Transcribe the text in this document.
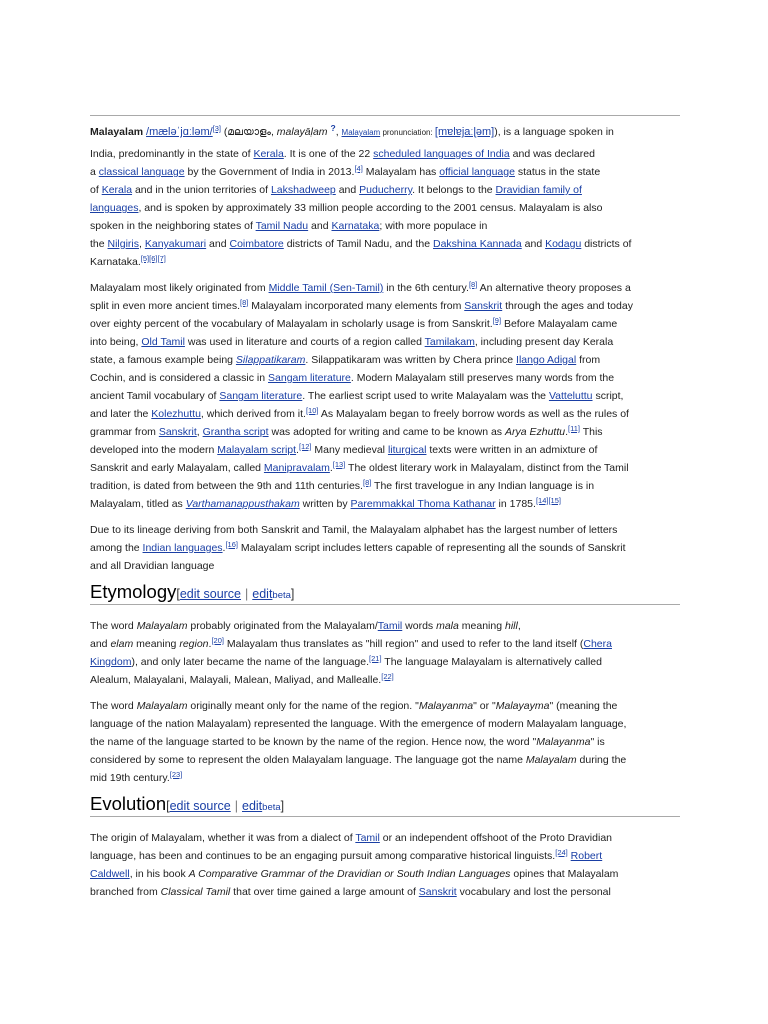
Malayalam /mæləˈjɑːləm/[3] (മലയാളം, malayāḷam ?, Malayalam pronunciation: [mɐlɐjaːɭəm]), is a language spoken in
India, predominantly in the state of Kerala. It is one of the 22 scheduled languages of India and was declared
a classical language by the Government of India in 2013.[4] Malayalam has official language status in the state
of Kerala and in the union territories of Lakshadweep and Puducherry. It belongs to the Dravidian family of
languages, and is spoken by approximately 33 million people according to the 2001 census. Malayalam is also
spoken in the neighboring states of Tamil Nadu and Karnataka; with more populace in
the Nilgiris, Kanyakumari and Coimbatore districts of Tamil Nadu, and the Dakshina Kannada and Kodagu districts of
Karnataka.[5][6][7]
Malayalam most likely originated from Middle Tamil (Sen-Tamil) in the 6th century.[8] An alternative theory proposes a
split in even more ancient times.[8] Malayalam incorporated many elements from Sanskrit through the ages and today
over eighty percent of the vocabulary of Malayalam in scholarly usage is from Sanskrit.[9] Before Malayalam came
into being, Old Tamil was used in literature and courts of a region called Tamilakam, including present day Kerala
state, a famous example being Silappatikaram. Silappatikaram was written by Chera prince Ilango Adigal from
Cochin, and is considered a classic in Sangam literature. Modern Malayalam still preserves many words from the
ancient Tamil vocabulary of Sangam literature. The earliest script used to write Malayalam was the Vatteluttu script,
and later the Kolezhuttu, which derived from it.[10] As Malayalam began to freely borrow words as well as the rules of
grammar from Sanskrit, Grantha script was adopted for writing and came to be known as Arya Ezhuttu.[11] This
developed into the modern Malayalam script.[12] Many medieval liturgical texts were written in an admixture of
Sanskrit and early Malayalam, called Manipravalam.[13] The oldest literary work in Malayalam, distinct from the Tamil
tradition, is dated from between the 9th and 11th centuries.[8] The first travelogue in any Indian language is in
Malayalam, titled as Varthamanappusthakam written by Paremmakkal Thoma Kathanar in 1785.[14][15]
Due to its lineage deriving from both Sanskrit and Tamil, the Malayalam alphabet has the largest number of letters
among the Indian languages.[16] Malayalam script includes letters capable of representing all the sounds of Sanskrit
and all Dravidian language
Etymology[edit source | editbeta]
The word Malayalam probably originated from the Malayalam/Tamil words mala meaning hill,
and elam meaning region.[20] Malayalam thus translates as "hill region" and used to refer to the land itself (Chera
Kingdom), and only later became the name of the language.[21] The language Malayalam is alternatively called
Alealum, Malayalani, Malayali, Malean, Maliyad, and Mallealle.[22]
The word Malayalam originally meant only for the name of the region. "Malayanma" or "Malayayma" (meaning the
language of the nation Malayalam) represented the language. With the emergence of modern Malayalam language,
the name of the language started to be known by the name of the region. Hence now, the word "Malayanma" is
considered by some to represent the olden Malayalam language. The language got the name Malayalam during the
mid 19th century.[23]
Evolution[edit source | editbeta]
The origin of Malayalam, whether it was from a dialect of Tamil or an independent offshoot of the Proto Dravidian
language, has been and continues to be an engaging pursuit among comparative historical linguists.[24] Robert
Caldwell, in his book A Comparative Grammar of the Dravidian or South Indian Languages opines that Malayalam
branched from Classical Tamil that over time gained a large amount of Sanskrit vocabulary and lost the personal
